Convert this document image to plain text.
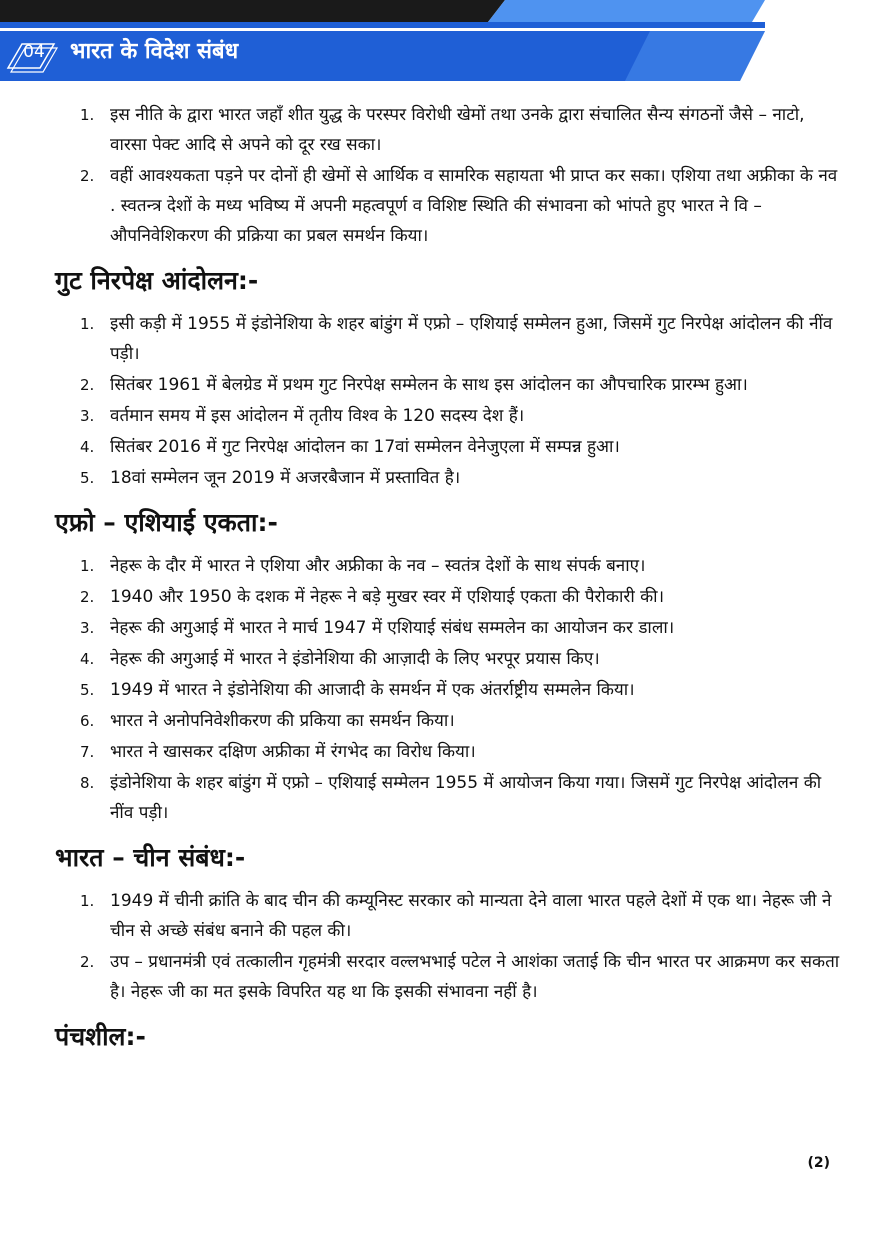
04	भारत के विदेश संबंध
1. इस नीति के द्वारा भारत जहाँ शीत युद्ध के परस्पर विरोधी खेमों तथा उनके द्वारा संचालित सैन्य संगठनों जैसे – नाटो, वारसा पेक्ट आदि से अपने को दूर रख सका।
2. वहीं आवश्यकता पड़ने पर दोनों ही खेमों से आर्थिक व सामरिक सहायता भी प्राप्त कर सका। एशिया तथा अफ्रीका के नव . स्वतन्त्र देशों के मध्य भविष्य में अपनी महत्वपूर्ण व विशिष्ट स्थिति की संभावना को भांपते हुए भारत ने वि – औपनिवेशिकरण की प्रक्रिया का प्रबल समर्थन किया।
गुट निरपेक्ष आंदोलन:-
1. इसी कड़ी में 1955 में इंडोनेशिया के शहर बांडुंग में एफ्रो – एशियाई सम्मेलन हुआ, जिसमें गुट निरपेक्ष आंदोलन की नींव पड़ी।
2. सितंबर 1961 में बेलग्रेड में प्रथम गुट निरपेक्ष सम्मेलन के साथ इस आंदोलन का औपचारिक प्रारम्भ हुआ।
3. वर्तमान समय में इस आंदोलन में तृतीय विश्व के 120 सदस्य देश हैं।
4. सितंबर 2016 में गुट निरपेक्ष आंदोलन का 17वां सम्मेलन वेनेजुएला में सम्पन्न हुआ।
5. 18वां सम्मेलन जून 2019 में अजरबैजान में प्रस्तावित है।
एफ्रो – एशियाई एकता:-
1. नेहरू के दौर में भारत ने एशिया और अफ्रीका के नव – स्वतंत्र देशों के साथ संपर्क बनाए।
2. 1940 और 1950 के दशक में नेहरू ने बड़े मुखर स्वर में एशियाई एकता की पैरोकारी की।
3. नेहरू की अगुआई में भारत ने मार्च 1947 में एशियाई संबंध सम्मलेन का आयोजन कर डाला।
4. नेहरू की अगुआई में भारत ने इंडोनेशिया की आज़ादी के लिए भरपूर प्रयास किए।
5. 1949 में भारत ने इंडोनेशिया की आजादी के समर्थन में एक अंतर्राष्ट्रीय सम्मलेन किया।
6. भारत ने अनोपनिवेशीकरण की प्रकिया का समर्थन किया।
7. भारत ने खासकर दक्षिण अफ्रीका में रंगभेद का विरोध किया।
8. इंडोनेशिया के शहर बांडुंग में एफ्रो – एशियाई सम्मेलन 1955 में आयोजन किया गया। जिसमें गुट निरपेक्ष आंदोलन की नींव पड़ी।
भारत – चीन संबंध:-
1. 1949 में चीनी क्रांति के बाद चीन की कम्यूनिस्ट सरकार को मान्यता देने वाला भारत पहले देशों में एक था। नेहरू जी ने चीन से अच्छे संबंध बनाने की पहल की।
2. उप – प्रधानमंत्री एवं तत्कालीन गृहमंत्री सरदार वल्लभभाई पटेल ने आशंका जताई कि चीन भारत पर आक्रमण कर सकता है। नेहरू जी का मत इसके विपरित यह था कि इसकी संभावना नहीं है।
पंचशील:-
(2)
